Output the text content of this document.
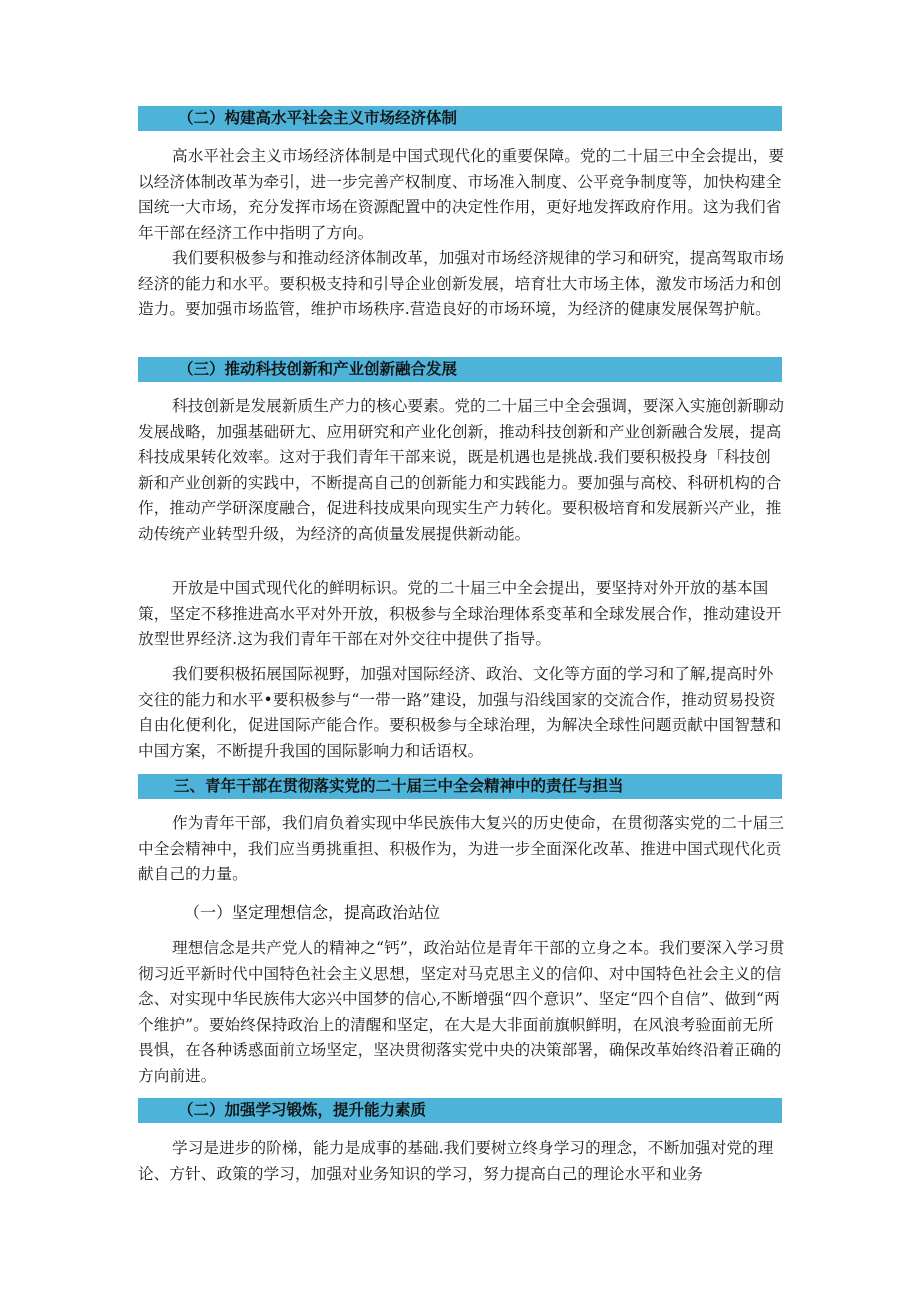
（二）构建高水平社会主义市场经济体制

高水平社会主义市场经济体制是中国式现代化的重要保障。党的二十届三中全会提出，要以经济体制改革为牵引，进一步完善产权制度、市场准入制度、公平竞争制度等，加快构建全国统一大市场，充分发挥市场在资源配置中的决定性作用，更好地发挥政府作用。这为我们省年干部在经济工作中指明了方向。

我们要积极参与和推动经济体制改革，加强对市场经济规律的学习和研究，提高驾取市场经济的能力和水平。要积极支持和引导企业创新发展，培育壮大市场主体，激发市场活力和创造力。要加强市场监管，维护市场秩序.营造良好的市场环境，为经济的健康发展保驾护航。

（三）推动科技创新和产业创新融合发展

科技创新是发展新质生产力的核心要素。党的二十届三中全会强调，要深入实施创新聊动发展战略，加强基础研尢、应用研究和产业化创新，推动科技创新和产业创新融合发展，提高科技成果转化效率。这对于我们青年干部来说，既是机遇也是挑战.我们要积极投身「科技创新和产业创新的实践中，不断提高自己的创新能力和实践能力。要加强与高校、科研机构的合作，推动产学研深度融合，促进科技成果向现实生产力转化。要积极培育和发展新兴产业，推动传统产业转型升级，为经济的高侦量发展提供新动能。

开放是中国式现代化的鲜明标识。党的二十届三中全会提出，要坚持对外开放的基本国策，坚定不移推进高水平对外开放，积极参与全球治理体系变革和全球发展合作，推动建设开放型世界经济.这为我们青年干部在对外交往中提供了指导。

我们要积极拓展国际视野，加强对国际经济、政治、文化等方面的学习和了解,提高时外交往的能力和水平•要积极参与“一带一路”建设，加强与沿线国家的交流合作，推动贸易投资自由化便利化，促进国际产能合作。要积极参与全球治理，为解决全球性问题贡献中国智慧和中国方案，不断提升我国的国际影响力和话语权。

三、青年干部在贯彻落实党的二十届三中全会精神中的责任与担当

作为青年干部，我们肩负着实现中华民族伟大复兴的历史使命，在贯彻落实党的二十届三中全会精神中，我们应当勇挑重担、积极作为，为进一步全面深化改革、推进中国式现代化贡献自己的力量。

（一）坚定理想信念，提高政治站位

理想信念是共产党人的精神之“钙”，政治站位是青年干部的立身之本。我们要深入学习贯彻习近平新时代中国特色社会主义思想，坚定对马克思主义的信仰、对中国特色社会主义的信念、对实现中华民族伟大宓兴中国梦的信心,不断增强“四个意识”、坚定“四个自信”、做到“两个维护”。要始终保持政治上的清醒和坚定，在大是大非面前旗帜鲜明，在风浪考验面前无所畏惧，在各种诱惑面前立场坚定，坚决贯彻落实党中央的决策部署，确保改革始终沿着正确的方向前进。

（二）加强学习锻炼，提升能力素质

学习是进步的阶梯，能力是成事的基础.我们要树立终身学习的理念，不断加强对党的理论、方针、政策的学习，加强对业务知识的学习，努力提高白己的理论水平和业务
